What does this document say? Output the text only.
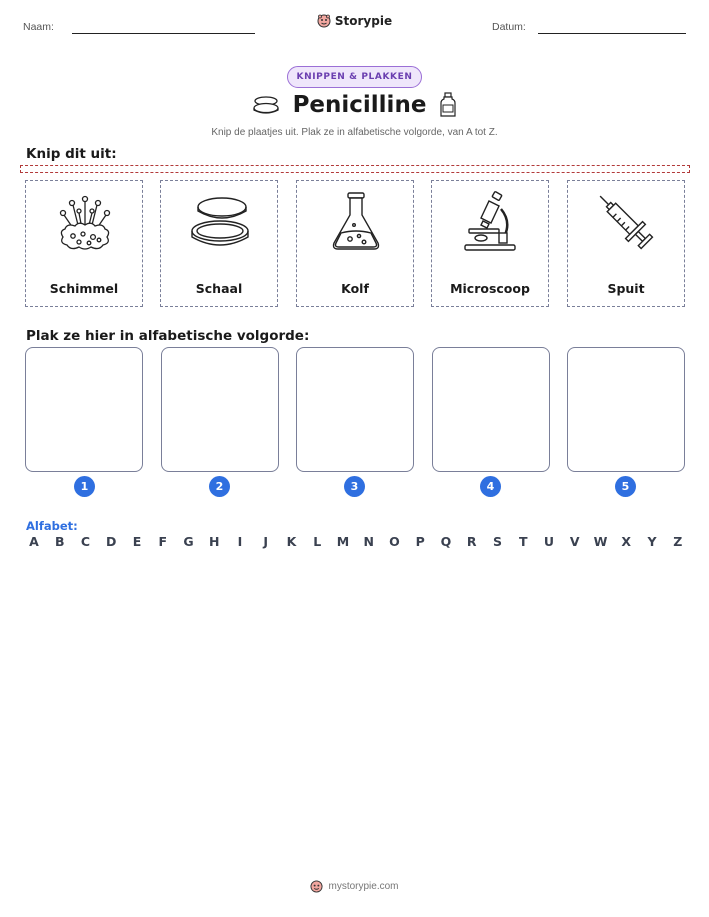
Naam:	Storypie	Datum:
KNIPPEN & PLAKKEN
Penicilline
Knip de plaatjes uit. Plak ze in alfabetische volgorde, van A tot Z.
Knip dit uit:
Schimmel	Schaal	Kolf	Microscoop	Spuit
Plak ze hier in alfabetische volgorde:
1	2	3	4	5
Alfabet:
A B C D E F G H	I	J	K	L	M N O P Q R S T U V W X Y Z
mystorypie.com
